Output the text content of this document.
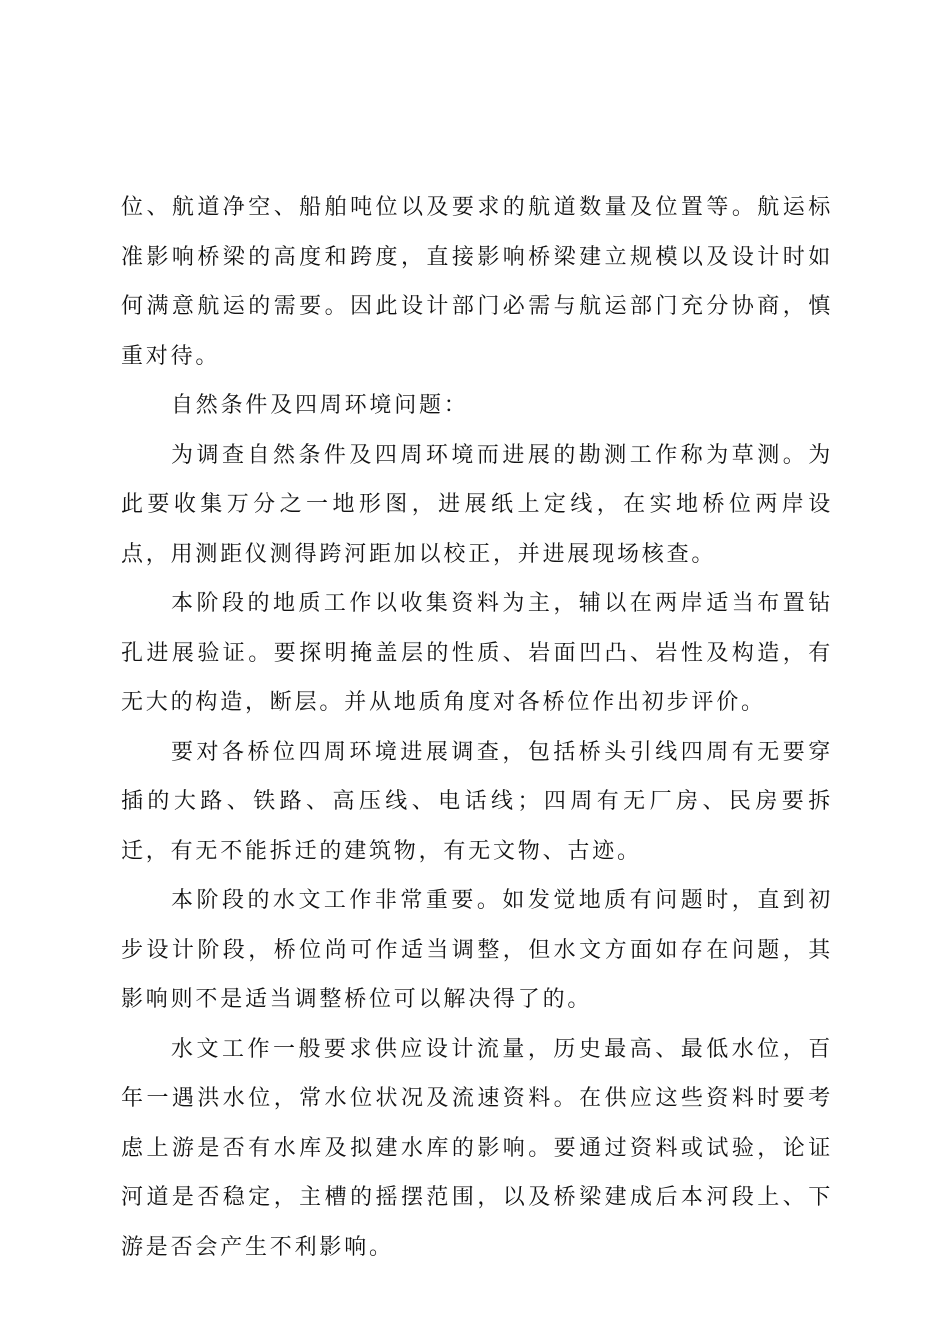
位、航道净空、船舶吨位以及要求的航道数量及位置等。航运标准影响桥梁的高度和跨度，直接影响桥梁建立规模以及设计时如何满意航运的需要。因此设计部门必需与航运部门充分协商，慎重对待。

自然条件及四周环境问题：

为调查自然条件及四周环境而进展的勘测工作称为草测。为此要收集万分之一地形图，进展纸上定线，在实地桥位两岸设点，用测距仪测得跨河距加以校正，并进展现场核查。

本阶段的地质工作以收集资料为主，辅以在两岸适当布置钻孔进展验证。要探明掩盖层的性质、岩面凹凸、岩性及构造，有无大的构造，断层。并从地质角度对各桥位作出初步评价。

要对各桥位四周环境进展调查，包括桥头引线四周有无要穿插的大路、铁路、高压线、电话线；四周有无厂房、民房要拆迁，有无不能拆迁的建筑物，有无文物、古迹。

本阶段的水文工作非常重要。如发觉地质有问题时，直到初步设计阶段，桥位尚可作适当调整，但水文方面如存在问题，其影响则不是适当调整桥位可以解决得了的。

水文工作一般要求供应设计流量，历史最高、最低水位，百年一遇洪水位，常水位状况及流速资料。在供应这些资料时要考虑上游是否有水库及拟建水库的影响。要通过资料或试验，论证河道是否稳定，主槽的摇摆范围，以及桥梁建成后本河段上、下游是否会产生不利影响。
